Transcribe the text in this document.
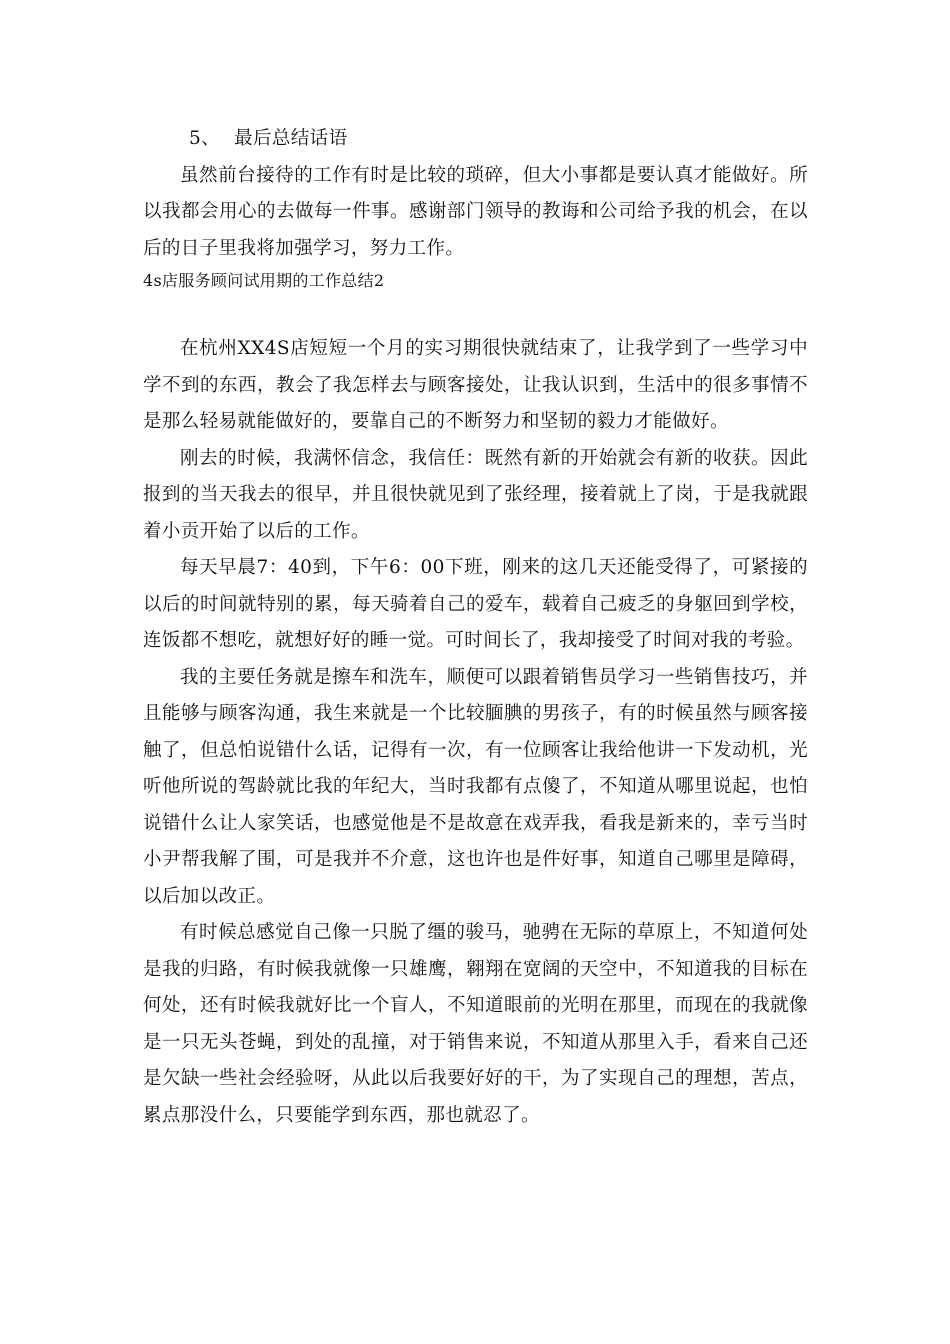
5、 最后总结话语

虽然前台接待的工作有时是比较的琐碎，但大小事都是要认真才能做好。所以我都会用心的去做每一件事。感谢部门领导的教诲和公司给予我的机会，在以后的日子里我将加强学习，努力工作。

4s店服务顾问试用期的工作总结2

在杭州XX4S店短短一个月的实习期很快就结束了，让我学到了一些学习中学不到的东西，教会了我怎样去与顾客接处，让我认识到，生活中的很多事情不是那么轻易就能做好的，要靠自己的不断努力和坚韧的毅力才能做好。

刚去的时候，我满怀信念，我信任：既然有新的开始就会有新的收获。因此报到的当天我去的很早，并且很快就见到了张经理，接着就上了岗，于是我就跟着小贡开始了以后的工作。

每天早晨7：40到，下午6：00下班，刚来的这几天还能受得了，可紧接的以后的时间就特别的累，每天骑着自己的爱车，载着自己疲乏的身躯回到学校，连饭都不想吃，就想好好的睡一觉。可时间长了，我却接受了时间对我的考验。

我的主要任务就是擦车和洗车，顺便可以跟着销售员学习一些销售技巧，并且能够与顾客沟通，我生来就是一个比较腼腆的男孩子，有的时候虽然与顾客接触了，但总怕说错什么话，记得有一次，有一位顾客让我给他讲一下发动机，光听他所说的驾龄就比我的年纪大，当时我都有点傻了，不知道从哪里说起，也怕说错什么让人家笑话，也感觉他是不是故意在戏弄我，看我是新来的，幸亏当时小尹帮我解了围，可是我并不介意，这也许也是件好事，知道自己哪里是障碍，以后加以改正。

有时候总感觉自己像一只脱了缰的骏马，驰骋在无际的草原上，不知道何处是我的归路，有时候我就像一只雄鹰，翱翔在宽阔的天空中，不知道我的目标在何处，还有时候我就好比一个盲人，不知道眼前的光明在那里，而现在的我就像是一只无头苍蝇，到处的乱撞，对于销售来说，不知道从那里入手，看来自己还是欠缺一些社会经验呀，从此以后我要好好的干，为了实现自己的理想，苦点，累点那没什么，只要能学到东西，那也就忍了。
